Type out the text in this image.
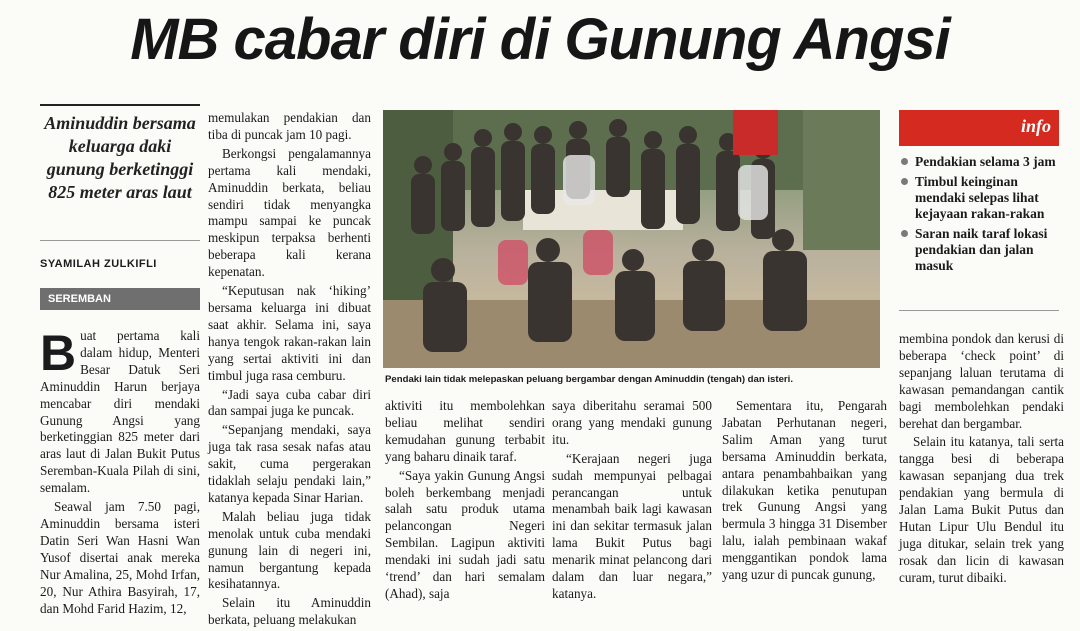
MB cabar diri di Gunung Angsi
Aminuddin bersama keluarga daki gunung berketinggi 825 meter aras laut
SYAMILAH ZULKIFLI
SEREMBAN

Buat pertama kali dalam hidup, Menteri Besar Datuk Seri Aminuddin Harun berjaya mencabar diri mendaki Gunung Angsi yang berketinggian 825 meter dari aras laut di Jalan Bukit Putus Seremban-Kuala Pilah di sini, semalam.

Seawal jam 7.50 pagi, Aminuddin bersama isteri Datin Seri Wan Hasni Wan Yusof disertai anak mereka Nur Amalina, 25, Mohd Irfan, 20, Nur Athira Basyirah, 17, dan Mohd Farid Hazim, 12,

memulakan pendakian dan tiba di puncak jam 10 pagi.

Berkongsi pengalamannya pertama kali mendaki, Aminuddin berkata, beliau sendiri tidak menyangka mampu sampai ke puncak meskipun terpaksa berhenti beberapa kali kerana kepenatan.

“Keputusan nak ‘hiking’ bersama keluarga ini dibuat saat akhir. Selama ini, saya hanya tengok rakan-rakan lain yang sertai aktiviti ini dan timbul juga rasa cemburu.

“Jadi saya cuba cabar diri dan sampai juga ke puncak.

“Sepanjang mendaki, saya juga tak rasa sesak nafas atau sakit, cuma pergerakan tidaklah selaju pendaki lain,” katanya kepada Sinar Harian.

Malah beliau juga tidak menolak untuk cuba mendaki gunung lain di negeri ini, namun bergantung kepada kesihatannya.

Selain itu Aminuddin berkata, peluang melakukan

Pendaki lain tidak melepaskan peluang bergambar dengan Aminuddin (tengah) dan isteri.

aktiviti itu membolehkan beliau melihat sendiri kemudahan gunung terbabit yang baharu dinaik taraf.

“Saya yakin Gunung Angsi boleh berkembang menjadi salah satu produk utama pelancongan Negeri Sembilan. Lagipun aktiviti mendaki ini sudah jadi satu ‘trend’ dan hari semalam (Ahad), saja

saya diberitahu seramai 500 orang yang mendaki gunung itu.

“Kerajaan negeri juga sudah mempunyai pelbagai perancangan untuk menambah baik lagi kawasan ini dan sekitar termasuk jalan lama Bukit Putus bagi menarik minat pelancong dari dalam dan luar negara,” katanya.

Sementara itu, Pengarah Jabatan Perhutanan negeri, Salim Aman yang turut bersama Aminuddin berkata, antara penambahbaikan yang dilakukan ketika penutupan trek Gunung Angsi yang bermula 3 hingga 31 Disember lalu, ialah pembinaan wakaf menggantikan pondok lama yang uzur di puncak gunung,

info
Pendakian selama 3 jam
Timbul keinginan mendaki selepas lihat kejayaan rakan-rakan
Saran naik taraf lokasi pendakian dan jalan masuk

membina pondok dan kerusi di beberapa ‘check point’ di sepanjang laluan terutama di kawasan pemandangan cantik bagi membolehkan pendaki berehat dan bergambar.

Selain itu katanya, tali serta tangga besi di beberapa kawasan sepanjang dua trek pendakian yang bermula di Jalan Lama Bukit Putus dan Hutan Lipur Ulu Bendul itu juga ditukar, selain trek yang rosak dan licin di kawasan curam, turut dibaiki.
